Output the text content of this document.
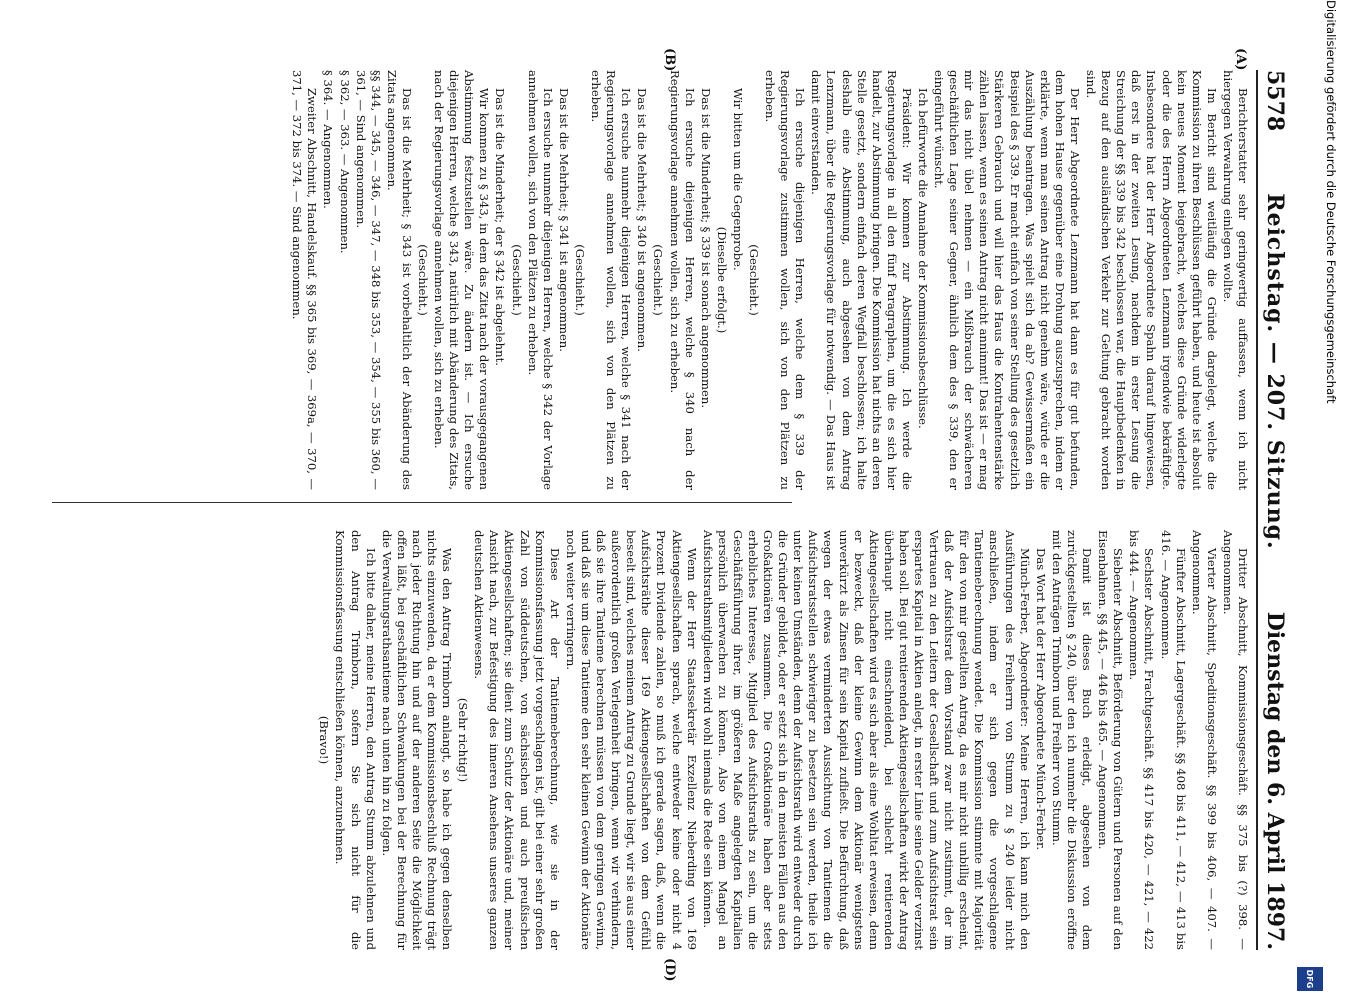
5578
Reichstag. — 207. Sitzung.
Dienstag den 6. April 1897.
(A)
(B)
(D)

Berichterstatter sehr geringwertig auffassen, wenn ich nicht hiergegen Verwahrung einlegen wollte.

Im Bericht sind weitläufig die Gründe dargelegt, welche die Kommission zu ihren Beschlüssen geführt haben, und heute ist absolut kein neues Moment beigebracht, welches diese Gründe widerlegte oder die des Herrn Abgeordneten Lenzmann irgendwie bekräftigte. Insbesondere hat der Herr Abgeordnete Spahn darauf hingewiesen, daß erst in der zweiten Lesung, nachdem in erster Lesung die Streichung der §§ 339 bis 342 beschlossen war, die Hauptbedenken in Bezug auf den ausländischen Verkehr zur Geltung gebracht worden sind.

Der Herr Abgeordnete Lenzmann hat dann es für gut befunden, dem hohen Hause gegenüber eine Drohung auszusprechen, indem er erklärte, wenn man seinen Antrag nicht genehm wäre, würde er die Auszählung beantragen. Was spielt sich da ab? Gewissermaßen ein Beispiel des § 339. Er macht einfach von seiner Stellung des gesetzlich Stärkeren Gebrauch und will hier das Haus die Kontrahentenstärke zählen lassen, wenn es seinen Antrag nicht annimmt! Das ist — er mag mir das nicht übel nehmen — ein Mißbrauch der schwächeren geschäftlichen Lage seiner Gegner, ähnlich dem des § 339, den er eingeführt wünscht.

Ich befürworte die Annahme der Kommissionsbeschlüsse.

Präsident: Wir kommen zur Abstimmung. Ich werde die Regierungsvorlage in all den fünf Paragraphen, um die es sich hier handelt, zur Abstimmung bringen. Die Kommission hat nichts an deren Stelle gesetzt, sondern einfach deren Wegfall beschlossen; ich halte deshalb eine Abstimmung, auch abgesehen von dem Antrag Lenzmann, über die Regierungsvorlage für notwendig. — Das Haus ist damit einverstanden.

Ich ersuche diejenigen Herren, welche dem § 339 der Regierungsvorlage zustimmen wollen, sich von den Plätzen zu erheben.

(Geschieht.)

Wir bitten um die Gegenprobe.

(Dieselbe erfolgt.)

Das ist die Minderheit; § 339 ist sonach angenommen.

Ich ersuche diejenigen Herren, welche § 340 nach der Regierungsvorlage annehmen wollen, sich zu erheben.

(Geschieht.)

Das ist die Mehrheit; § 340 ist angenommen.

Ich ersuche nunmehr diejenigen Herren, welche § 341 nach der Regierungsvorlage annehmen wollen, sich von den Plätzen zu erheben.

(Geschieht.)

Das ist die Mehrheit; § 341 ist angenommen.

Ich ersuche nunmehr diejenigen Herren, welche § 342 der Vorlage annehmen wollen, sich von den Plätzen zu erheben.

(Geschieht.)

Das ist die Minderheit; der § 342 ist abgelehnt.

Wir kommen zu § 343, in dem das Zitat nach der vorausgegangenen Abstimmung festzustellen wäre. Zu ändern ist. — Ich ersuche diejenigen Herren, welche § 343, natürlich mit Abänderung des Zitats, nach der Regierungsvorlage annehmen wollen, sich zu erheben.

(Geschieht.)

Das ist die Mehrheit; § 343 ist vorbehaltlich der Abänderung des Zitats angenommen.

§§ 344, — 345, — 346, — 347, — 348 bis 353, — 354, — 355 bis 360, — 361, — Sind angenommen.

§ 362, — 363. — Angenommen.

§ 364. — Angenommen.

Zweiter Abschnitt, Handelskauf. §§ 365 bis 369, — 369a, — 370, — 371, — 372 bis 374. — Sind angenommen.

Dritter Abschnitt, Kommissionsgeschäft. §§ 375 bis (?) 398. — Angenommen.

Vierter Abschnitt, Speditionsgeschäft. §§ 399 bis 406, — 407. — Angenommen.

Fünfter Abschnitt, Lagergeschäft. §§ 408 bis 411, — 412, — 413 bis 416. — Angenommen.

Sechster Abschnitt, Frachtgeschäft. §§ 417 bis 420, — 421, — 422 bis 444. — Angenommen.

Siebenter Abschnitt, Beförderung von Gütern und Personen auf den Eisenbahnen. §§ 445, — 446 bis 465. — Angenommen.

Damit ist dieses Buch erledigt, abgesehen von dem zurückgestellten § 240, über den ich nunmehr die Diskussion eröffne mit den Anträgen Trimborn und Freiherr von Stumm.

Das Wort hat der Herr Abgeordnete Münch-Ferber.

Münch-Ferber, Abgeordneter: Meine Herren, ich kann mich den Ausführungen des Freiherrn von Stumm zu § 240 leider nicht anschließen, indem er sich gegen die vorgeschlagene Tantiemeberechnung wendet. Die Kommission stimmte mit Majorität für den von mir gestellten Antrag, da es mir nicht unbillig erscheint, daß der Aufsichtsrat dem Vorstand zwar nicht zustimmt, der im Vertrauen zu den Leitern der Gesellschaft und zum Aufsichtsrat sein erspartes Kapital in Aktien anlegt, in erster Linie seine Gelder verzinst haben soll. Bei gut rentierenden Aktiengesellschaften wirkt der Antrag überhaupt nicht einschneidend, bei schlecht rentierenden Aktiengesellschaften wird es sich aber als eine Wohltat erweisen, denn er bezweckt, daß der kleine Gewinn dem Aktionär wenigstens unverkürzt als Zinsen für sein Kapital zufließt. Die Befürchtung, daß wegen der etwas verminderten Aussichtung von Tantiemen die Aufsichtsratsstellen schwieriger zu besetzen sein werden, theile ich unter keinen Umständen, denn der Aufsichtsrath wird entweder durch die Gründer gebildet, oder er setzt sich in den meisten Fällen aus den Großaktionären zusammen. Die Großaktionäre haben aber stets erhebliches Interesse, Mitglied des Aufsichtsraths zu sein, um die Geschäftsführung ihrer, im größeren Maße angelegten Kapitalien persönlich überwachen zu können. Also von einem Mangel an Aufsichtsrathsmitgliedern wird wohl niemals die Rede sein können.

Wenn der Herr Staatssekretär Exzellenz Nieberding von 169 Aktiengesellschaften sprach, welche entweder keine oder nicht 4 Prozent Dividende zahlen, so muß ich gerade sagen, daß, wenn die Aufsichtsräthe dieser 169 Aktiengesellschaften von dem Gefühl beseelt sind, welches meinem Antrag zu Grunde liegt, wir sie aus einer außerordentlich großen Verlegenheit bringen, wenn wir verhindern, daß sie ihre Tantieme berechnen müssen von dem geringen Gewinn, und daß sie um diese Tantieme den sehr kleinen Gewinn der Aktionäre noch weiter verringern.

Diese Art der Tantiemeberechnung, wie sie in der Kommissionsfassung jetzt vorgeschlagen ist, gilt bei einer sehr großen Zahl von süddeutschen, von sächsischen und auch preußischen Aktiengesellschaften; sie dient zum Schutz der Aktionäre und, meiner Ansicht nach, zur Befestigung des inneren Ansehens unseres ganzen deutschen Aktienwesens.

(Sehr richtig!)

Was den Antrag Trimborn anlangt, so habe ich gegen denselben nichts einzuwenden, da er dem Kommissionsbeschluß Rechnung trägt nach jeder Richtung hin und auf der anderen Seite die Möglichkeit offen läßt, bei geschäftlichen Schwankungen bei der Berechnung für die Verwaltungsrathsantieme nach unten hin zu folgen.

Ich bitte daher, meine Herren, den Antrag Stumm abzulehnen und den Antrag Trimborn, sofern Sie sich nicht für die Kommissionsfassung entschließen können, anzunehmen.

(Bravo!)

Digitalisierung gefördert durch die Deutsche Forschungsgemeinschaft
DFG
